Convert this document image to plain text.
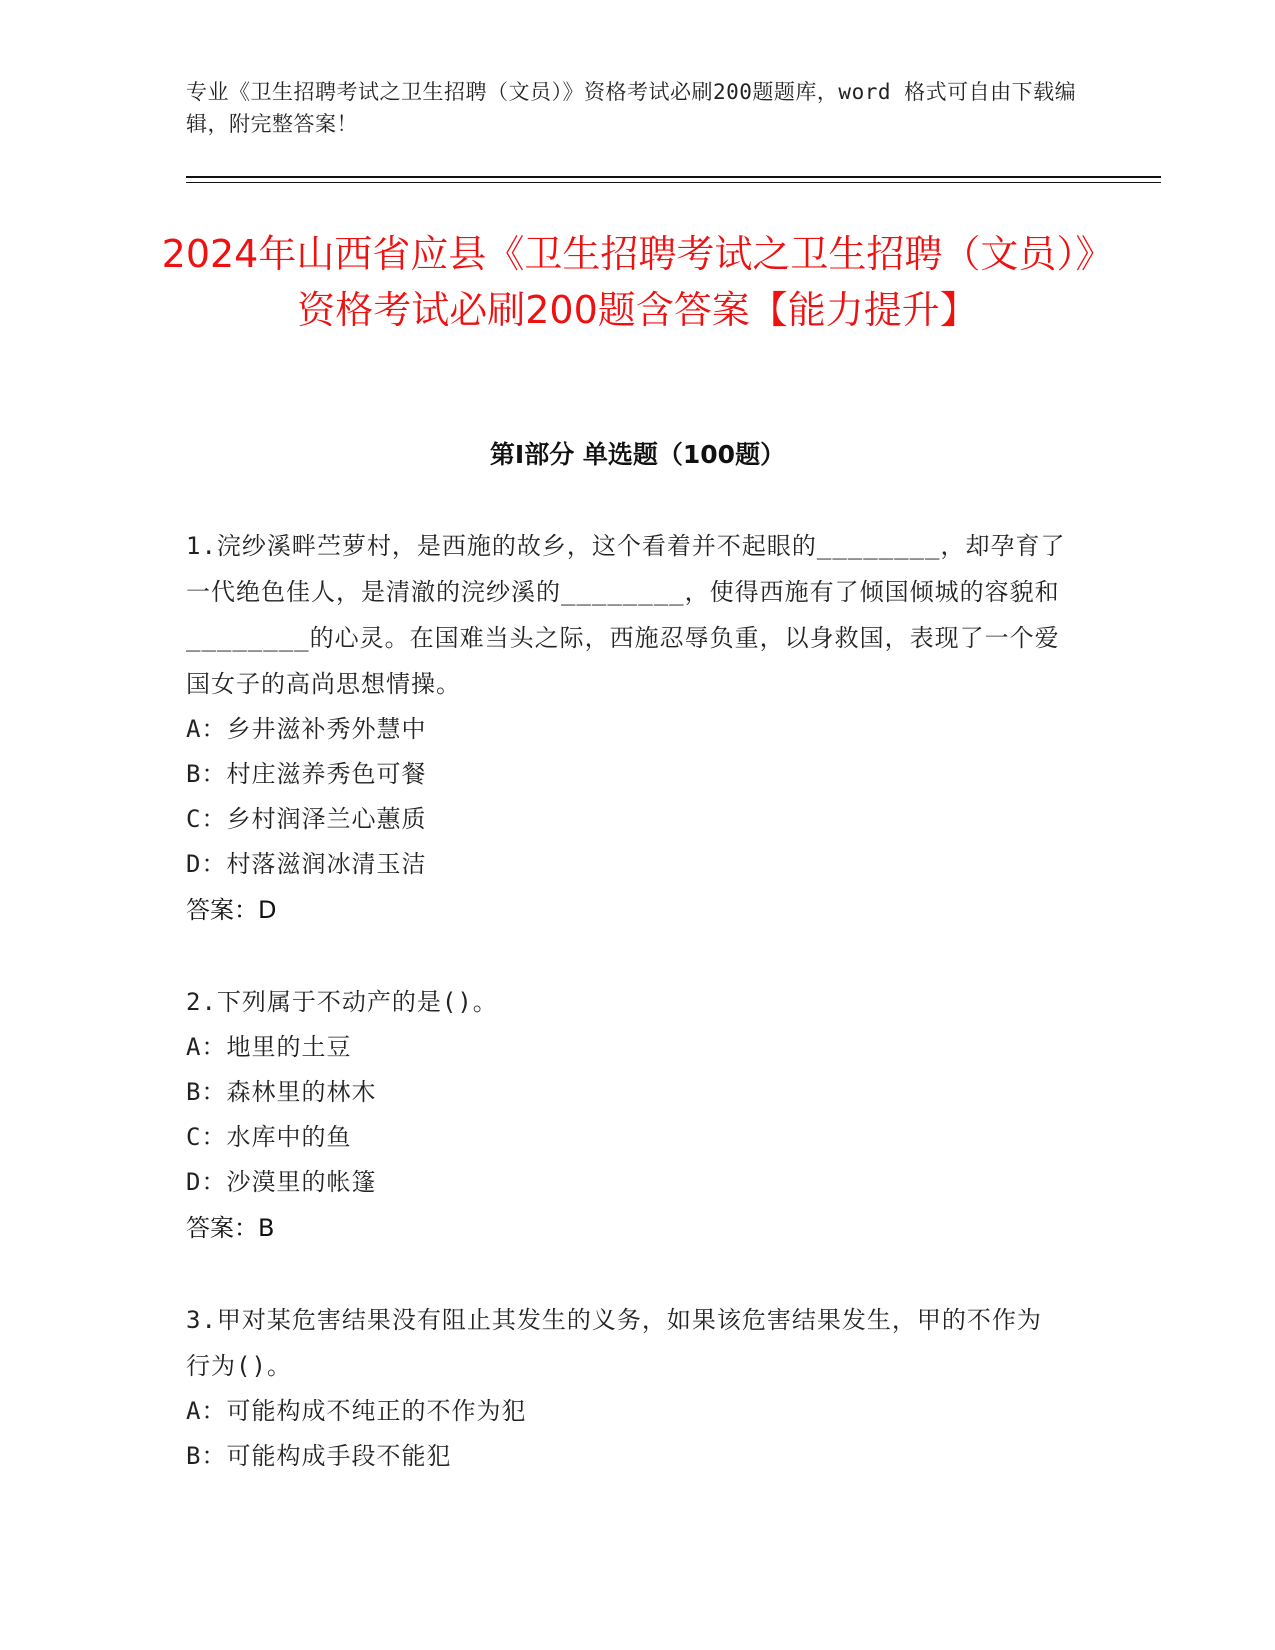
专业《卫生招聘考试之卫生招聘（文员）》资格考试必刷200题题库，word 格式可自由下载编辑，附完整答案！
2024年山西省应县《卫生招聘考试之卫生招聘（文员）》资格考试必刷200题含答案【能力提升】
第Ⅰ部分 单选题（100题）

1.浣纱溪畔苎萝村，是西施的故乡，这个看着并不起眼的________，却孕育了一代绝色佳人，是清澈的浣纱溪的________，使得西施有了倾国倾城的容貌和________的心灵。在国难当头之际，西施忍辱负重，以身救国，表现了一个爱国女子的高尚思想情操。

A：乡井滋补秀外慧中

B：村庄滋养秀色可餐

C：乡村润泽兰心蕙质

D：村落滋润冰清玉洁

答案：D

2.下列属于不动产的是()。

A：地里的土豆

B：森林里的林木

C：水库中的鱼

D：沙漠里的帐篷

答案：B

3.甲对某危害结果没有阻止其发生的义务，如果该危害结果发生，甲的不作为行为()。

A：可能构成不纯正的不作为犯

B：可能构成手段不能犯
